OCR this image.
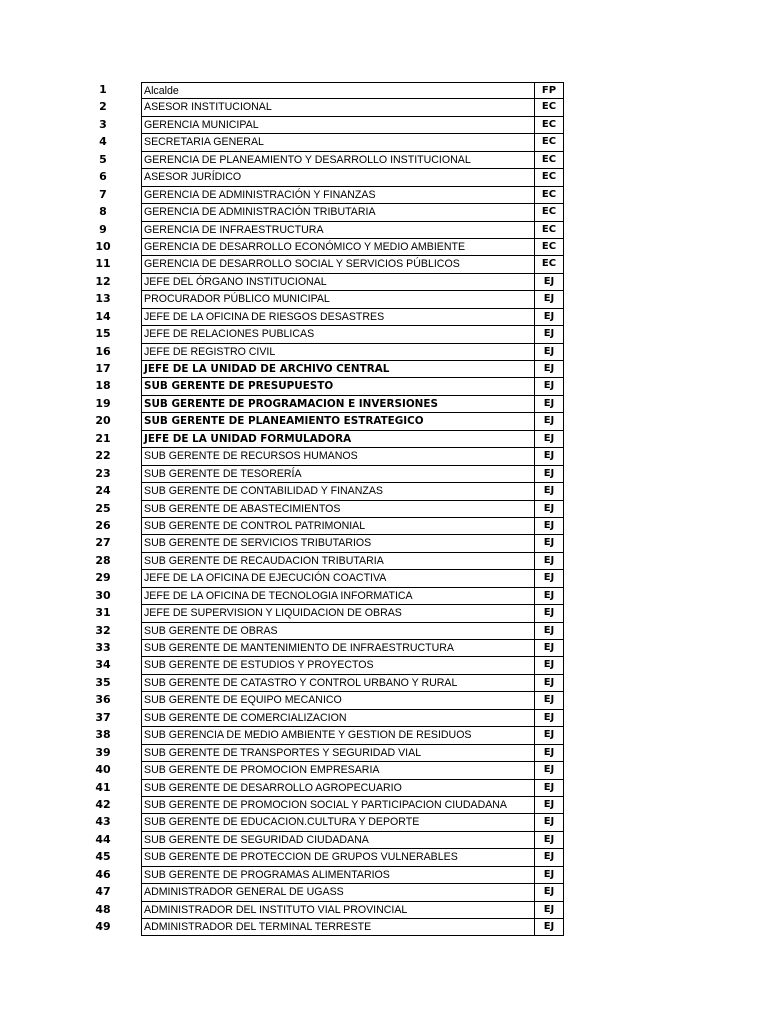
1	Alcalde	FP
2	ASESOR INSTITUCIONAL	EC
3	GERENCIA MUNICIPAL	EC
4	SECRETARIA GENERAL	EC
5	GERENCIA DE PLANEAMIENTO Y DESARROLLO INSTITUCIONAL	EC
6	ASESOR JURÍDICO	EC
7	GERENCIA DE ADMINISTRACIÓN Y FINANZAS	EC
8	GERENCIA DE ADMINISTRACIÓN TRIBUTARIA	EC
9	GERENCIA DE INFRAESTRUCTURA	EC
10	GERENCIA DE DESARROLLO ECONÓMICO Y MEDIO AMBIENTE	EC
11	GERENCIA DE DESARROLLO SOCIAL Y SERVICIOS PÚBLICOS	EC
12	JEFE DEL ÓRGANO INSTITUCIONAL	EJ
13	PROCURADOR PÚBLICO MUNICIPAL	EJ
14	JEFE DE LA OFICINA DE RIESGOS DESASTRES	EJ
15	JEFE DE RELACIONES PUBLICAS	EJ
16	JEFE DE REGISTRO CIVIL	EJ
17	JEFE DE LA UNIDAD DE ARCHIVO CENTRAL	EJ
18	SUB GERENTE DE PRESUPUESTO	EJ
19	SUB GERENTE DE PROGRAMACION E INVERSIONES	EJ
20	SUB GERENTE DE PLANEAMIENTO ESTRATEGICO	EJ
21	JEFE DE LA UNIDAD FORMULADORA	EJ
22	SUB GERENTE DE RECURSOS HUMANOS	EJ
23	SUB GERENTE DE TESORERÍA	EJ
24	SUB GERENTE DE CONTABILIDAD Y FINANZAS	EJ
25	SUB GERENTE DE ABASTECIMIENTOS	EJ
26	SUB GERENTE DE CONTROL PATRIMONIAL	EJ
27	SUB GERENTE DE SERVICIOS TRIBUTARIOS	EJ
28	SUB GERENTE DE RECAUDACION TRIBUTARIA	EJ
29	JEFE DE LA OFICINA DE EJECUCIÓN COACTIVA	EJ
30	JEFE DE LA OFICINA DE TECNOLOGIA INFORMATICA	EJ
31	JEFE DE SUPERVISION Y LIQUIDACION DE OBRAS	EJ
32	SUB GERENTE DE OBRAS	EJ
33	SUB GERENTE DE MANTENIMIENTO DE INFRAESTRUCTURA	EJ
34	SUB GERENTE DE ESTUDIOS Y PROYECTOS	EJ
35	SUB GERENTE DE CATASTRO Y CONTROL URBANO Y RURAL	EJ
36	SUB GERENTE DE EQUIPO MECANICO	EJ
37	SUB GERENTE DE COMERCIALIZACION	EJ
38	SUB GERENCIA DE MEDIO AMBIENTE Y GESTION DE RESIDUOS	EJ
39	SUB GERENTE DE TRANSPORTES Y SEGURIDAD VIAL	EJ
40	SUB GERENTE DE PROMOCION EMPRESARIA	EJ
41	SUB GERENTE DE DESARROLLO AGROPECUARIO	EJ
42	SUB GERENTE DE PROMOCION SOCIAL Y PARTICIPACION CIUDADANA	EJ
43	SUB GERENTE DE EDUCACION.CULTURA Y DEPORTE	EJ
44	SUB GERENTE DE SEGURIDAD CIUDADANA	EJ
45	SUB GERENTE DE PROTECCION DE GRUPOS VULNERABLES	EJ
46	SUB GERENTE DE PROGRAMAS ALIMENTARIOS	EJ
47	ADMINISTRADOR GENERAL DE UGASS	EJ
48	ADMINISTRADOR DEL INSTITUTO VIAL PROVINCIAL	EJ
49	ADMINISTRADOR DEL TERMINAL TERRESTE	EJ
